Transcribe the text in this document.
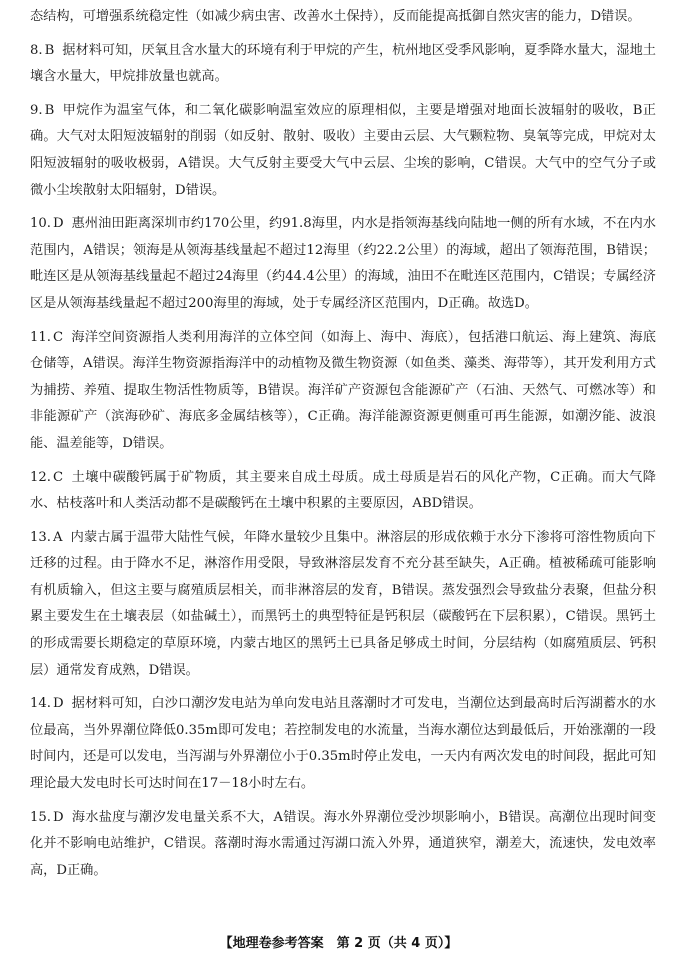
态结构，可增强系统稳定性（如减少病虫害、改善水土保持），反而能提高抵御自然灾害的能力，D错误。

8. B 据材料可知，厌氧且含水量大的环境有利于甲烷的产生，杭州地区受季风影响，夏季降水量大，湿地土壤含水量大，甲烷排放量也就高。

9. B 甲烷作为温室气体，和二氧化碳影响温室效应的原理相似，主要是增强对地面长波辐射的吸收，B正确。大气对太阳短波辐射的削弱（如反射、散射、吸收）主要由云层、大气颗粒物、臭氧等完成，甲烷对太阳短波辐射的吸收极弱，A错误。大气反射主要受大气中云层、尘埃的影响，C错误。大气中的空气分子或微小尘埃散射太阳辐射，D错误。

10. D 惠州油田距离深圳市约170公里，约91.8海里，内水是指领海基线向陆地一侧的所有水域，不在内水范围内，A错误；领海是从领海基线量起不超过12海里（约22.2公里）的海域，超出了领海范围，B错误；毗连区是从领海基线量起不超过24海里（约44.4公里）的海域，油田不在毗连区范围内，C错误；专属经济区是从领海基线量起不超过200海里的海域，处于专属经济区范围内，D正确。故选D。

11. C 海洋空间资源指人类利用海洋的立体空间（如海上、海中、海底），包括港口航运、海上建筑、海底仓储等，A错误。海洋生物资源指海洋中的动植物及微生物资源（如鱼类、藻类、海带等），其开发利用方式为捕捞、养殖、提取生物活性物质等，B错误。海洋矿产资源包含能源矿产（石油、天然气、可燃冰等）和非能源矿产（滨海砂矿、海底多金属结核等），C正确。海洋能源资源更侧重可再生能源，如潮汐能、波浪能、温差能等，D错误。

12. C 土壤中碳酸钙属于矿物质，其主要来自成土母质。成土母质是岩石的风化产物，C正确。而大气降水、枯枝落叶和人类活动都不是碳酸钙在土壤中积累的主要原因，ABD错误。

13. A 内蒙古属于温带大陆性气候，年降水量较少且集中。淋溶层的形成依赖于水分下渗将可溶性物质向下迁移的过程。由于降水不足，淋溶作用受限，导致淋溶层发育不充分甚至缺失，A正确。植被稀疏可能影响有机质输入，但这主要与腐殖质层相关，而非淋溶层的发育，B错误。蒸发强烈会导致盐分表聚，但盐分积累主要发生在土壤表层（如盐碱土），而黑钙土的典型特征是钙积层（碳酸钙在下层积累），C错误。黑钙土的形成需要长期稳定的草原环境，内蒙古地区的黑钙土已具备足够成土时间，分层结构（如腐殖质层、钙积层）通常发育成熟，D错误。

14. D 据材料可知，白沙口潮汐发电站为单向发电站且落潮时才可发电，当潮位达到最高时后泻湖蓄水的水位最高，当外界潮位降低0.35m即可发电；若控制发电的水流量，当海水潮位达到最低后，开始涨潮的一段时间内，还是可以发电，当泻湖与外界潮位小于0.35m时停止发电，一天内有两次发电的时间段，据此可知理论最大发电时长可达时间在17－18小时左右。

15. D 海水盐度与潮汐发电量关系不大，A错误。海水外界潮位受沙坝影响小，B错误。高潮位出现时间变化并不影响电站维护，C错误。落潮时海水需通过泻湖口流入外界，通道狭窄，潮差大，流速快，发电效率高，D正确。

【地理卷参考答案　第 2 页（共 4 页）】
